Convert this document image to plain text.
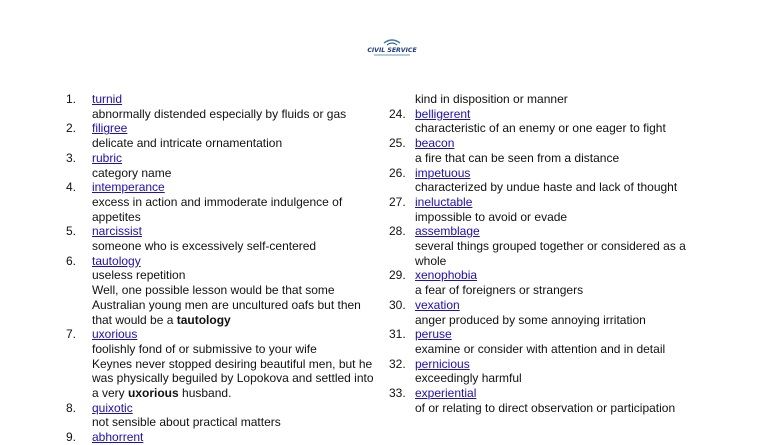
CIVIL SERVICE
1.	turnid
abnormally distended especially by fluids or gas
2.	filigree
delicate and intricate ornamentation
3.	rubric
category name
4.	intemperance
excess in action and immoderate indulgence of appetites
5.	narcissist
someone who is excessively self-centered
6.	tautology
useless repetition
Well, one possible lesson would be that some Australian young men are uncultured oafs but then that would be a tautology
7.	uxorious
foolishly fond of or submissive to your wife
Keynes never stopped desiring beautiful men, but he was physically beguiled by Lopokova and settled into a very uxorious husband.
8.	quixotic
not sensible about practical matters
9.	abhorrent
kind in disposition or manner
24. belligerent
characteristic of an enemy or one eager to fight
25. beacon
a fire that can be seen from a distance
26. impetuous
characterized by undue haste and lack of thought
27. ineluctable
impossible to avoid or evade
28. assemblage
several things grouped together or considered as a whole
29. xenophobia
a fear of foreigners or strangers
30. vexation
anger produced by some annoying irritation
31. peruse
examine or consider with attention and in detail
32. pernicious
exceedingly harmful
33. experiential
of or relating to direct observation or participation
